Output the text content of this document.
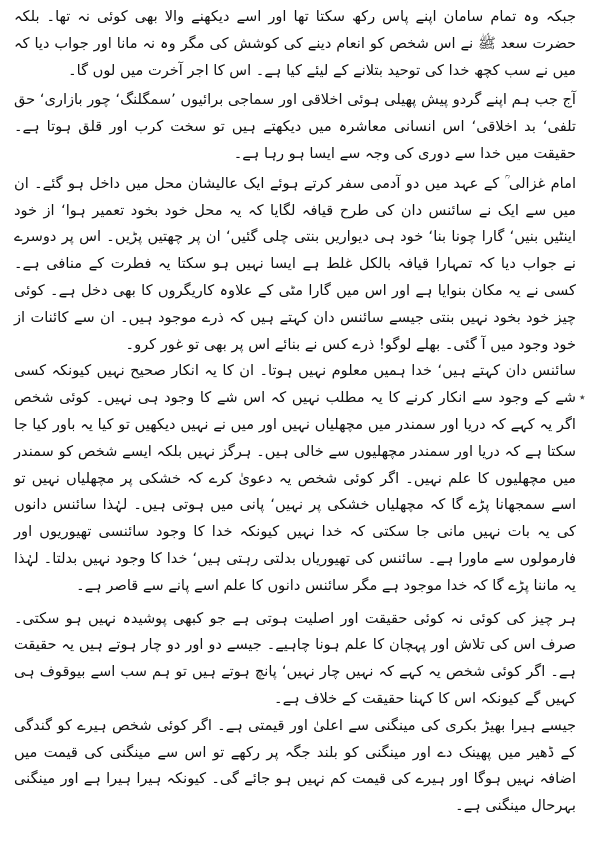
جبکہ وہ تمام سامان اپنے پاس رکھ سکتا تھا اور اسے دیکھنے والا بھی کوئی نہ تھا۔ بلکہ حضرت سعد ﷺ نے اس شخص کو انعام دینے کی کوشش کی مگر وہ نہ مانا اور جواب دیا کہ میں نے سب کچھ خدا کی توحید بتلانے کے لیئے کیا ہے۔ اس کا اجر آخرت میں لوں گا۔

آج جب ہم اپنے گردو پیش پھیلی ہوئی اخلاقی اور سماجی برائیوں ’سمگلنگ‘ چور بازاری‘ حق تلفی‘ بد اخلاقی‘ اس انسانی معاشرہ میں دیکھتے ہیں تو سخت کرب اور قلق ہوتا ہے۔ حقیقت میں خدا سے دوری کی وجہ سے ایسا ہو رہا ہے۔

امام غزالی ؒ کے عہد میں دو آدمی سفر کرتے ہوئے ایک عالیشان محل میں داخل ہو گئے۔ ان میں سے ایک نے سائنس دان کی طرح قیافہ لگایا کہ یہ محل خود بخود تعمیر ہوا‘ از خود اینٹیں بنیں‘ گارا چونا بنا‘ خود ہی دیواریں بنتی چلی گئیں‘ ان پر چھتیں پڑیں۔ اس پر دوسرے نے جواب دیا کہ تمہارا قیافہ بالکل غلط ہے ایسا نہیں ہو سکتا یہ فطرت کے منافی ہے۔ کسی نے یہ مکان بنوایا ہے اور اس میں گارا مٹی کے علاوہ کاریگروں کا بھی دخل ہے۔ کوئی چیز خود بخود نہیں بنتی جیسے سائنس دان کہتے ہیں کہ ذرے موجود ہیں۔ ان سے کائنات از خود وجود میں آ گئی۔ بھلے لوگو! ذرے کس نے بنائے اس پر بھی تو غور کرو۔

سائنس دان کہتے ہیں‘ خدا ہمیں معلوم نہیں ہوتا۔ ان کا یہ انکار صحیح نہیں کیونکہ کسی شے کے وجود سے انکار کرنے کا یہ مطلب نہیں کہ اس شے کا وجود ہی نہیں۔ کوئی شخص اگر یہ کہے کہ دریا اور سمندر میں مچھلیاں نہیں اور میں نے نہیں دیکھیں تو کیا یہ باور کیا جا سکتا ہے کہ دریا اور سمندر مچھلیوں سے خالی ہیں۔ ہرگز نہیں بلکہ ایسے شخص کو سمندر میں مچھلیوں کا علم نہیں۔ اگر کوئی شخص یہ دعویٰ کرے کہ خشکی پر مچھلیاں نہیں تو اسے سمجھانا پڑے گا کہ مچھلیاں خشکی پر نہیں‘ پانی میں ہوتی ہیں۔ لہٰذا سائنس دانوں کی یہ بات نہیں مانی جا سکتی کہ خدا نہیں کیونکہ خدا کا وجود سائنسی تھیوریوں اور فارمولوں سے ماورا ہے۔ سائنس کی تھیوریاں بدلتی رہتی ہیں‘ خدا کا وجود نہیں بدلتا۔ لہٰذا یہ ماننا پڑے گا کہ خدا موجود ہے مگر سائنس دانوں کا علم اسے پانے سے قاصر ہے۔

ہر چیز کی کوئی نہ کوئی حقیقت اور اصلیت ہوتی ہے جو کبھی پوشیدہ نہیں ہو سکتی۔ صرف اس کی تلاش اور پہچان کا علم ہونا چاہیے۔ جیسے دو اور دو چار ہوتے ہیں یہ حقیقت ہے۔ اگر کوئی شخص یہ کہے کہ نہیں چار نہیں‘ پانچ ہوتے ہیں تو ہم سب اسے بیوقوف ہی کہیں گے کیونکہ اس کا کہنا حقیقت کے خلاف ہے۔

جیسے ہیرا بھیڑ بکری کی مینگنی سے اعلیٰ اور قیمتی ہے۔ اگر کوئی شخص ہیرے کو گندگی کے ڈھیر میں پھینک دے اور مینگنی کو بلند جگہ پر رکھے تو اس سے مینگنی کی قیمت میں اضافہ نہیں ہوگا اور ہیرے کی قیمت کم نہیں ہو جائے گی۔ کیونکہ ہیرا ہیرا ہے اور مینگنی بہرحال مینگنی ہے۔

٭
